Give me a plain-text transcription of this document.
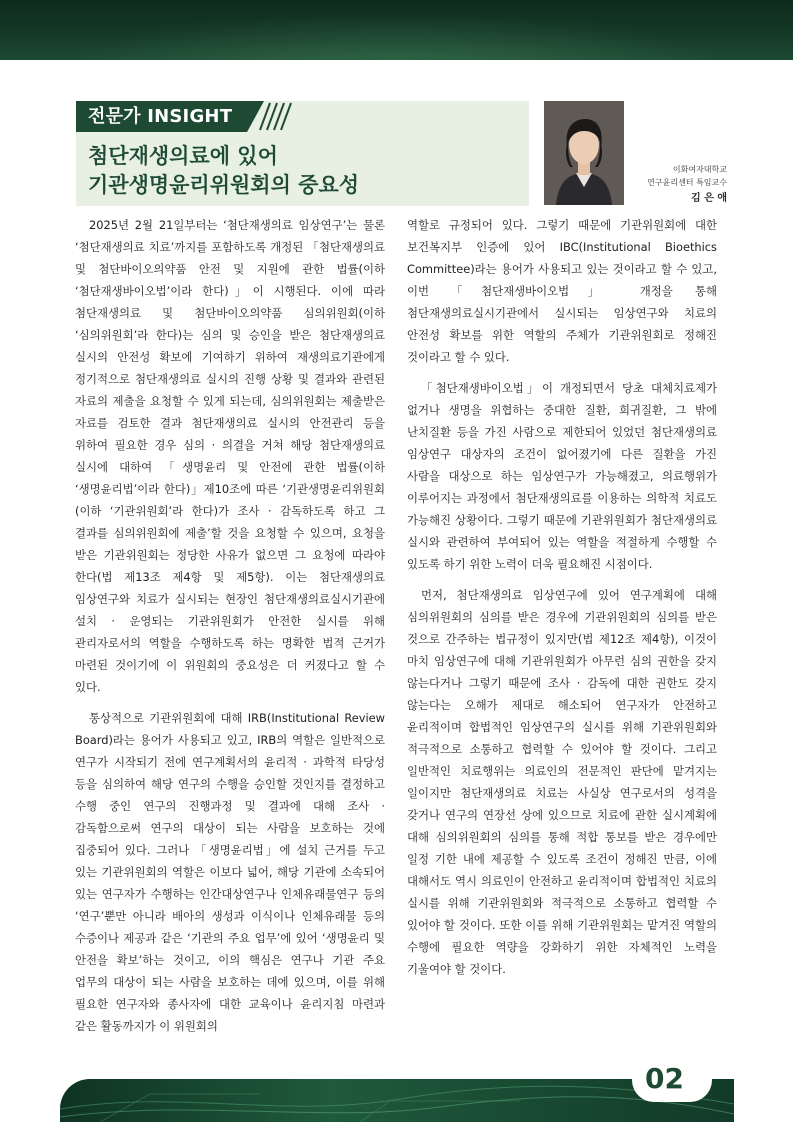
전문가 INSIGHT
첨단재생의료에 있어
기관생명윤리위원회의 중요성
이화여자대학교
연구윤리센터 특임교수
김 은 애

2025년 2월 21일부터는 ‘첨단재생의료 임상연구’는 물론 ‘첨단재생의료 치료’까지를 포함하도록 개정된 「첨단재생의료 및 첨단바이오의약품 안전 및 지원에 관한 법률(이하 ‘첨단재생바이오법’이라 한다)」이 시행된다. 이에 따라 첨단재생의료 및 첨단바이오의약품 심의위원회(이하 ‘심의위원회’라 한다)는 심의 및 승인을 받은 첨단재생의료 실시의 안전성 확보에 기여하기 위하여 재생의료기관에게 정기적으로 첨단재생의료 실시의 진행 상황 및 결과와 관련된 자료의 제출을 요청할 수 있게 되는데, 심의위원회는 제출받은 자료를 검토한 결과 첨단재생의료 실시의 안전관리 등을 위하여 필요한 경우 심의 · 의결을 거쳐 해당 첨단재생의료 실시에 대하여 「생명윤리 및 안전에 관한 법률(이하 ‘생명윤리법’이라 한다)」제10조에 따른 ‘기관생명윤리위원회(이하 ‘기관위원회’라 한다)가 조사 · 감독하도록 하고 그 결과를 심의위원회에 제출’할 것을 요청할 수 있으며, 요청을 받은 기관위원회는 정당한 사유가 없으면 그 요청에 따라야 한다(법 제13조 제4항 및 제5항). 이는 첨단재생의료 임상연구와 치료가 실시되는 현장인 첨단재생의료실시기관에 설치 · 운영되는 기관위원회가 안전한 실시를 위해 관리자로서의 역할을 수행하도록 하는 명확한 법적 근거가 마련된 것이기에 이 위원회의 중요성은 더 커졌다고 할 수 있다.

통상적으로 기관위원회에 대해 IRB(Institutional Review Board)라는 용어가 사용되고 있고, IRB의 역할은 일반적으로 연구가 시작되기 전에 연구계획서의 윤리적 · 과학적 타당성 등을 심의하여 해당 연구의 수행을 승인할 것인지를 결정하고 수행 중인 연구의 진행과정 및 결과에 대해 조사 · 감독함으로써 연구의 대상이 되는 사람을 보호하는 것에 집중되어 있다. 그러나 「생명윤리법」에 설치 근거를 두고 있는 기관위원회의 역할은 이보다 넓어, 해당 기관에 소속되어 있는 연구자가 수행하는 인간대상연구나 인체유래물연구 등의 ‘연구’뿐만 아니라 배아의 생성과 이식이나 인체유래물 등의 수증이나 제공과 같은 ‘기관의 주요 업무’에 있어 ‘생명윤리 및 안전을 확보’하는 것이고, 이의 핵심은 연구나 기관 주요 업무의 대상이 되는 사람을 보호하는 데에 있으며, 이를 위해 필요한 연구자와 종사자에 대한 교육이나 윤리지침 마련과 같은 활동까지가 이 위원회의

역할로 규정되어 있다. 그렇기 때문에 기관위원회에 대한 보건복지부 인증에 있어 IBC(Institutional Bioethics Committee)라는 용어가 사용되고 있는 것이라고 할 수 있고, 이번 「첨단재생바이오법」 개정을 통해 첨단재생의료실시기관에서 실시되는 임상연구와 치료의 안전성 확보를 위한 역할의 주체가 기관위원회로 정해진 것이라고 할 수 있다.

「첨단재생바이오법」이 개정되면서 당초 대체치료제가 없거나 생명을 위협하는 중대한 질환, 희귀질환, 그 밖에 난치질환 등을 가진 사람으로 제한되어 있었던 첨단재생의료 임상연구 대상자의 조건이 없어졌기에 다른 질환을 가진 사람을 대상으로 하는 임상연구가 가능해졌고, 의료행위가 이루어지는 과정에서 첨단재생의료를 이용하는 의학적 치료도 가능해진 상황이다. 그렇기 때문에 기관위원회가 첨단재생의료 실시와 관련하여 부여되어 있는 역할을 적절하게 수행할 수 있도록 하기 위한 노력이 더욱 필요해진 시점이다.

먼저, 첨단재생의료 임상연구에 있어 연구계획에 대해 심의위원회의 심의를 받은 경우에 기관위원회의 심의를 받은 것으로 간주하는 법규정이 있지만(법 제12조 제4항), 이것이 마치 임상연구에 대해 기관위원회가 아무런 심의 권한을 갖지 않는다거나 그렇기 때문에 조사 · 감독에 대한 권한도 갖지 않는다는 오해가 제대로 해소되어 연구자가 안전하고 윤리적이며 합법적인 임상연구의 실시를 위해 기관위원회와 적극적으로 소통하고 협력할 수 있어야 할 것이다. 그리고 일반적인 치료행위는 의료인의 전문적인 판단에 맡겨지는 일이지만 첨단재생의료 치료는 사실상 연구로서의 성격을 갖거나 연구의 연장선 상에 있으므로 치료에 관한 실시계획에 대해 심의위원회의 심의를 통해 적합 통보를 받은 경우에만 일정 기한 내에 제공할 수 있도록 조건이 정해진 만큼, 이에 대해서도 역시 의료인이 안전하고 윤리적이며 합법적인 치료의 실시를 위해 기관위원회와 적극적으로 소통하고 협력할 수 있어야 할 것이다. 또한 이를 위해 기관위원회는 맡겨진 역할의 수행에 필요한 역량을 강화하기 위한 자체적인 노력을 기울여야 할 것이다.

02
